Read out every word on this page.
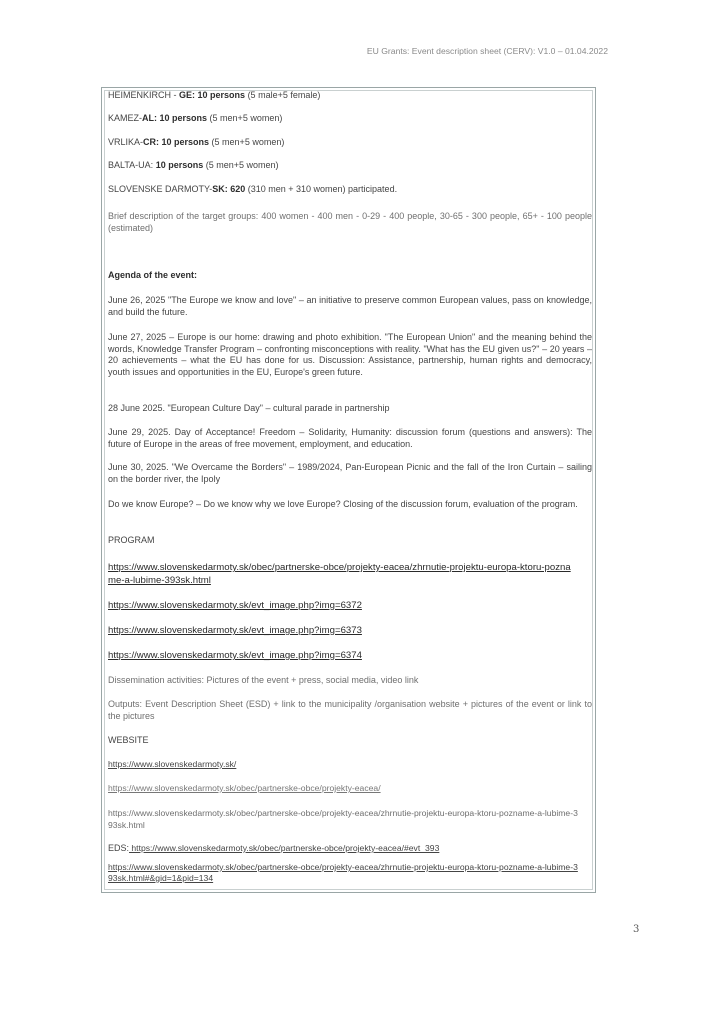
EU Grants: Event description sheet (CERV): V1.0 – 01.04.2022
HEIMENKIRCH - GE: 10 persons (5 male+5 female)
KAMEZ-AL: 10 persons (5 men+5 women)
VRLIKA-CR: 10 persons (5 men+5 women)
BALTA-UA: 10 persons (5 men+5 women)
SLOVENSKE DARMOTY-SK: 620 (310 men + 310 women) participated.
Brief description of the target groups: 400 women - 400 men - 0-29 - 400 people, 30-65 - 300 people, 65+ - 100 people (estimated)
Agenda of the event:
June 26, 2025 "The Europe we know and love" – an initiative to preserve common European values, pass on knowledge, and build the future.
June 27, 2025 – Europe is our home: drawing and photo exhibition. "The European Union" and the meaning behind the words, Knowledge Transfer Program – confronting misconceptions with reality. "What has the EU given us?" – 20 years – 20 achievements – what the EU has done for us. Discussion: Assistance, partnership, human rights and democracy, youth issues and opportunities in the EU, Europe's green future.
28 June 2025. "European Culture Day" – cultural parade in partnership
June 29, 2025. Day of Acceptance! Freedom – Solidarity, Humanity: discussion forum (questions and answers): The future of Europe in the areas of free movement, employment, and education.
June 30, 2025. "We Overcame the Borders" – 1989/2024, Pan-European Picnic and the fall of the Iron Curtain – sailing on the border river, the Ipoly
Do we know Europe? – Do we know why we love Europe? Closing of the discussion forum, evaluation of the program.
PROGRAM
https://www.slovenskedarmoty.sk/obec/partnerske-obce/projekty-eacea/zhrnutie-projektu-europa-ktoru-pozname-a-lubime-393sk.html
https://www.slovenskedarmoty.sk/evt_image.php?img=6372
https://www.slovenskedarmoty.sk/evt_image.php?img=6373
https://www.slovenskedarmoty.sk/evt_image.php?img=6374
Dissemination activities: Pictures of the event + press, social media, video link
Outputs: Event Description Sheet (ESD) + link to the municipality /organisation website + pictures of the event or link to the pictures
WEBSITE
https://www.slovenskedarmoty.sk/
https://www.slovenskedarmoty.sk/obec/partnerske-obce/projekty-eacea/
https://www.slovenskedarmoty.sk/obec/partnerske-obce/projekty-eacea/zhrnutie-projektu-europa-ktoru-pozname-a-lubime-393sk.html
EDS: https://www.slovenskedarmoty.sk/obec/partnerske-obce/projekty-eacea/#evt_393
https://www.slovenskedarmoty.sk/obec/partnerske-obce/projekty-eacea/zhrnutie-projektu-europa-ktoru-pozname-a-lubime-393sk.html#&gid=1&pid=134
3
